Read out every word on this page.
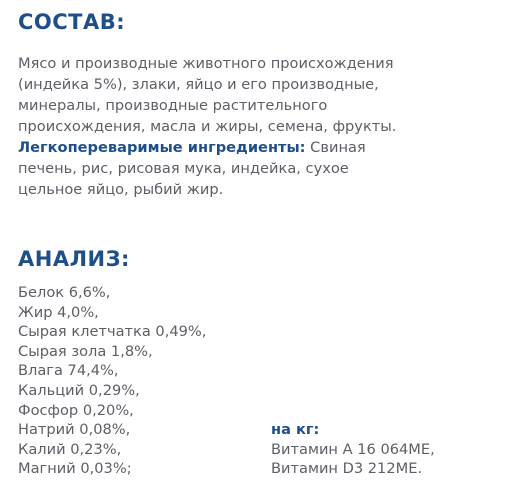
СОСТАВ:

Мясо и производные животного происхождения

(индейка 5%), злаки, яйцо и его производные,

минералы, производные растительного

происхождения, масла и жиры, семена, фрукты.

Легкопереваримые ингредиенты: Свиная

печень, рис, рисовая мука, индейка, сухое

цельное яйцо, рыбий жир.

АНАЛИЗ:
Белок 6,6%,
Жир 4,0%,
Сырая клетчатка 0,49%,
Сырая зола 1,8%,
Влага 74,4%,
Кальций 0,29%,
Фосфор 0,20%,
Натрий 0,08%,
Калий 0,23%,
Магний 0,03%;
на кг:
Витамин А 16 064МЕ,
Витамин D3 212МЕ.
